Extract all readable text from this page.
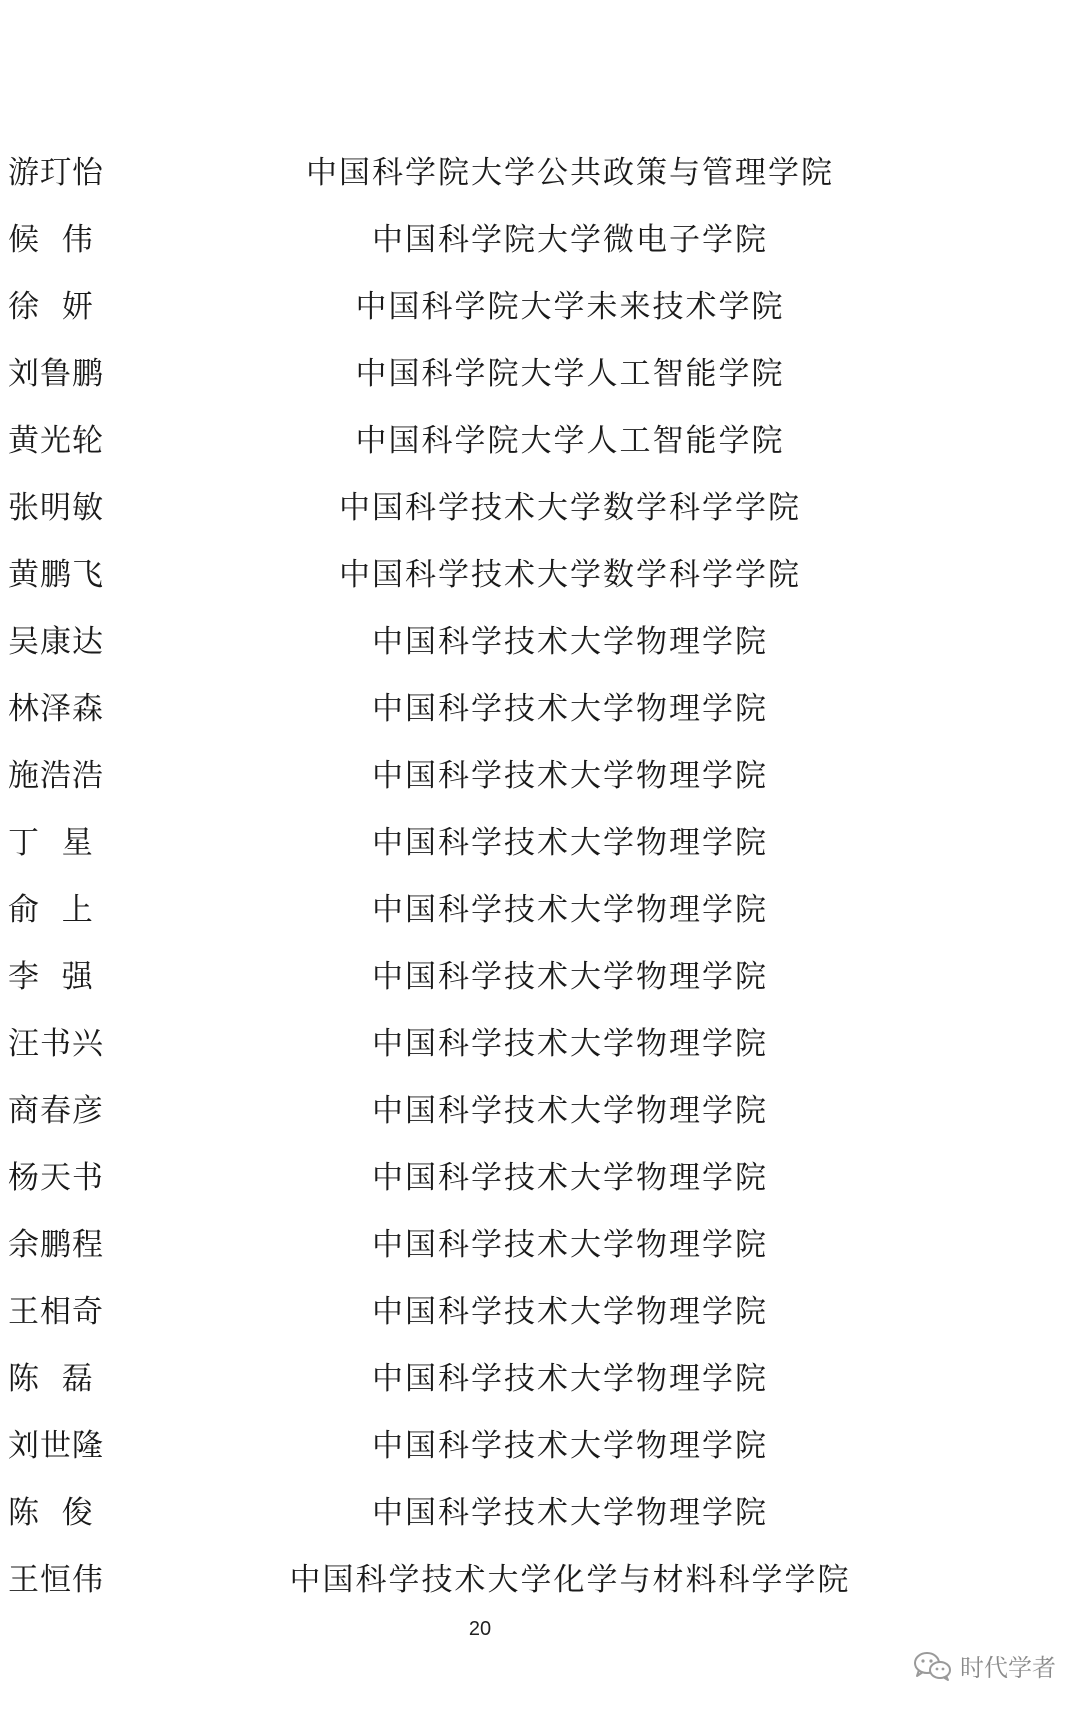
游玎怡	中国科学院大学公共政策与管理学院
候  伟	中国科学院大学微电子学院
徐  妍	中国科学院大学未来技术学院
刘鲁鹏	中国科学院大学人工智能学院
黄光轮	中国科学院大学人工智能学院
张明敏	中国科学技术大学数学科学学院
黄鹏飞	中国科学技术大学数学科学学院
吴康达	中国科学技术大学物理学院
林泽森	中国科学技术大学物理学院
施浩浩	中国科学技术大学物理学院
丁  星	中国科学技术大学物理学院
俞  上	中国科学技术大学物理学院
李  强	中国科学技术大学物理学院
汪书兴	中国科学技术大学物理学院
商春彦	中国科学技术大学物理学院
杨天书	中国科学技术大学物理学院
余鹏程	中国科学技术大学物理学院
王相奇	中国科学技术大学物理学院
陈  磊	中国科学技术大学物理学院
刘世隆	中国科学技术大学物理学院
陈  俊	中国科学技术大学物理学院
王恒伟	中国科学技术大学化学与材料科学学院
20
时代学者
